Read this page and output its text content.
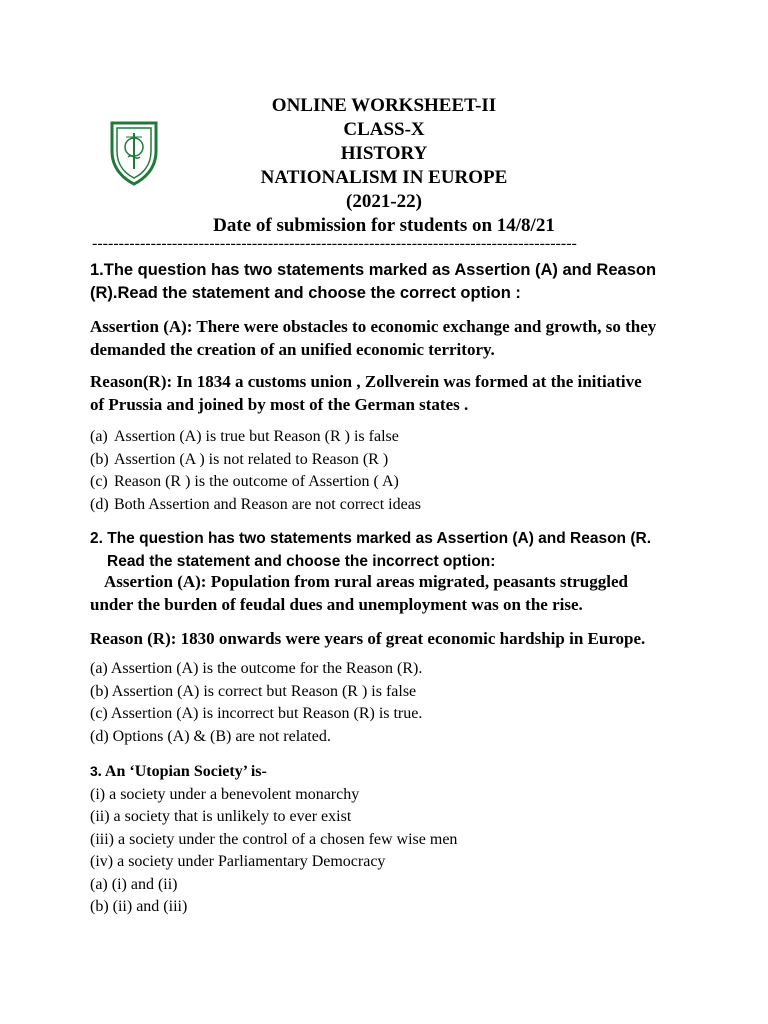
ONLINE WORKSHEET-II
CLASS-X
HISTORY
NATIONALISM IN EUROPE
(2021-22)
Date of submission for students on 14/8/21
-------------------------------------------------------------------------------------------
1.The question has two statements marked as Assertion (A) and Reason
(R).Read the statement and choose the correct option :
Assertion (A): There were obstacles to economic exchange and growth, so they
demanded the creation of an unified economic territory.
Reason(R): In 1834 a customs union , Zollverein was formed at the initiative
of Prussia and joined by most of the German states .
(a) Assertion (A) is true but Reason (R ) is false
(b) Assertion (A ) is not related to Reason (R )
(c) Reason (R ) is the outcome of Assertion ( A)
(d) Both Assertion and Reason are not correct ideas
2. The question has two statements marked as Assertion (A) and Reason (R.
Read the statement and choose the incorrect option:
Assertion (A): Population from rural areas migrated, peasants struggled
under the burden of feudal dues and unemployment was on the rise.
Reason (R): 1830 onwards were years of great economic hardship in Europe.
(a) Assertion (A) is the outcome for the Reason (R).
(b) Assertion (A) is correct but Reason (R ) is false
(c) Assertion (A) is incorrect but Reason (R) is true.
(d) Options (A) & (B) are not related.
3. An ‘Utopian Society’ is-
(i) a society under a benevolent monarchy
(ii) a society that is unlikely to ever exist
(iii) a society under the control of a chosen few wise men
(iv) a society under Parliamentary Democracy
(a) (i) and (ii)
(b) (ii) and (iii)
